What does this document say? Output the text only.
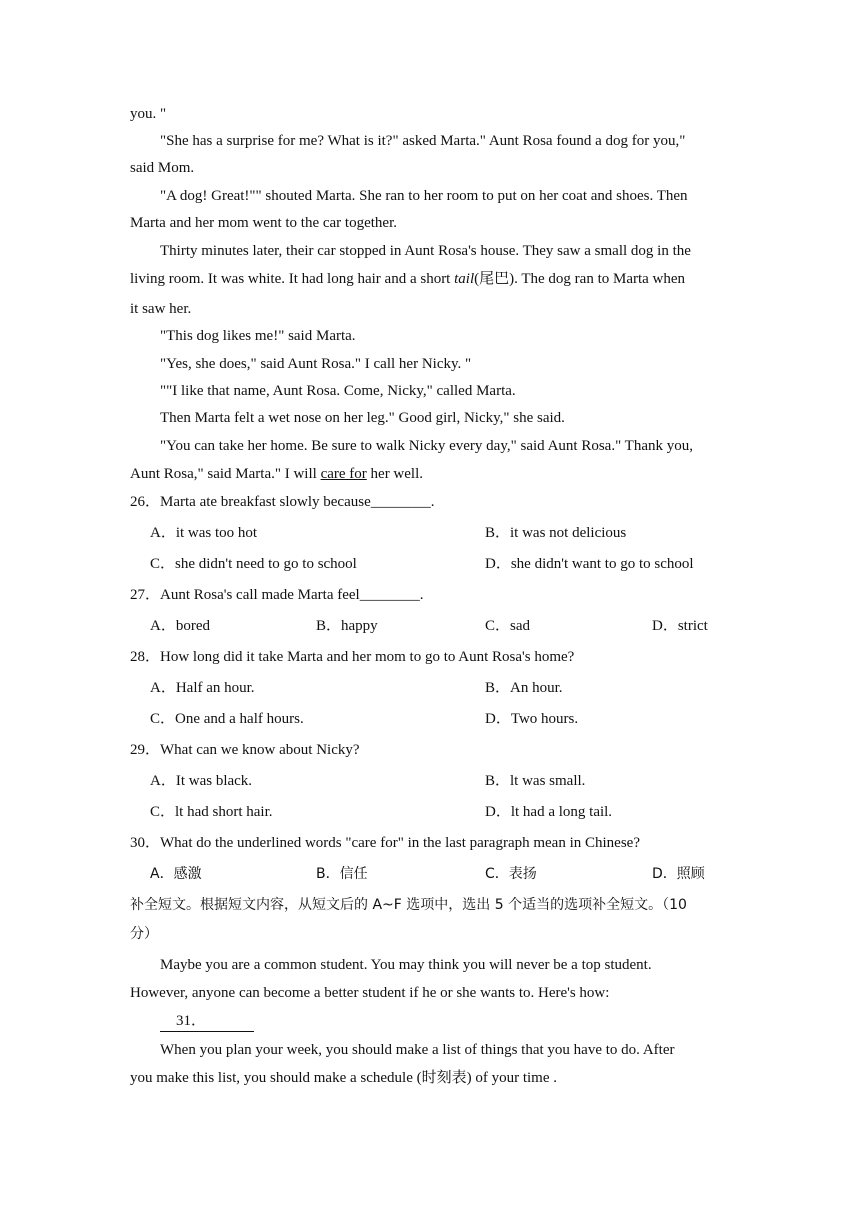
you. "
"She has a surprise for me? What is it?" asked Marta." Aunt Rosa found a dog for you,"
said Mom.
"A dog! Great!"" shouted Marta. She ran to her room to put on her coat and shoes. Then
Marta and her mom went to the car together.
Thirty minutes later, their car stopped in Aunt Rosa's house. They saw a small dog in the
living room. It was white. It had long hair and a short tail(尾巴). The dog ran to Marta when
it saw her.
"This dog likes me!" said Marta.
"Yes, she does," said Aunt Rosa." I call her Nicky. "
""I like that name, Aunt Rosa. Come, Nicky," called Marta.
Then Marta felt a wet nose on her leg." Good girl, Nicky," she said.
"You can take her home. Be sure to walk Nicky every day," said Aunt Rosa." Thank you,
Aunt Rosa," said Marta." I will care for her well.
26．Marta ate breakfast slowly because________.
A．it was too hot	B．it was not delicious
C．she didn't need to go to school	D．she didn't want to go to school
27．Aunt Rosa's call made Marta feel________.
A．bored	B．happy	C．sad	D．strict
28．How long did it take Marta and her mom to go to Aunt Rosa's home?
A．Half an hour.	B．An hour.
C．One and a half hours.	D．Two hours.
29．What can we know about Nicky?
A．It was black.	B．lt was small.
C．lt had short hair.	D．lt had a long tail.
30．What do the underlined words "care for" in the last paragraph mean in Chinese?
A．感激	B．信任	C．表扬	D．照顾
补全短文。根据短文内容，从短文后的 A~F 选项中，选出 5 个适当的选项补全短文。（10
分）
Maybe you are a common student. You may think you will never be a top student.
However, anyone can become a better student if he or she wants to. Here's how:
31．
When you plan your week, you should make a list of things that you have to do. After
you make this list, you should make a schedule (时刻表) of your time .
